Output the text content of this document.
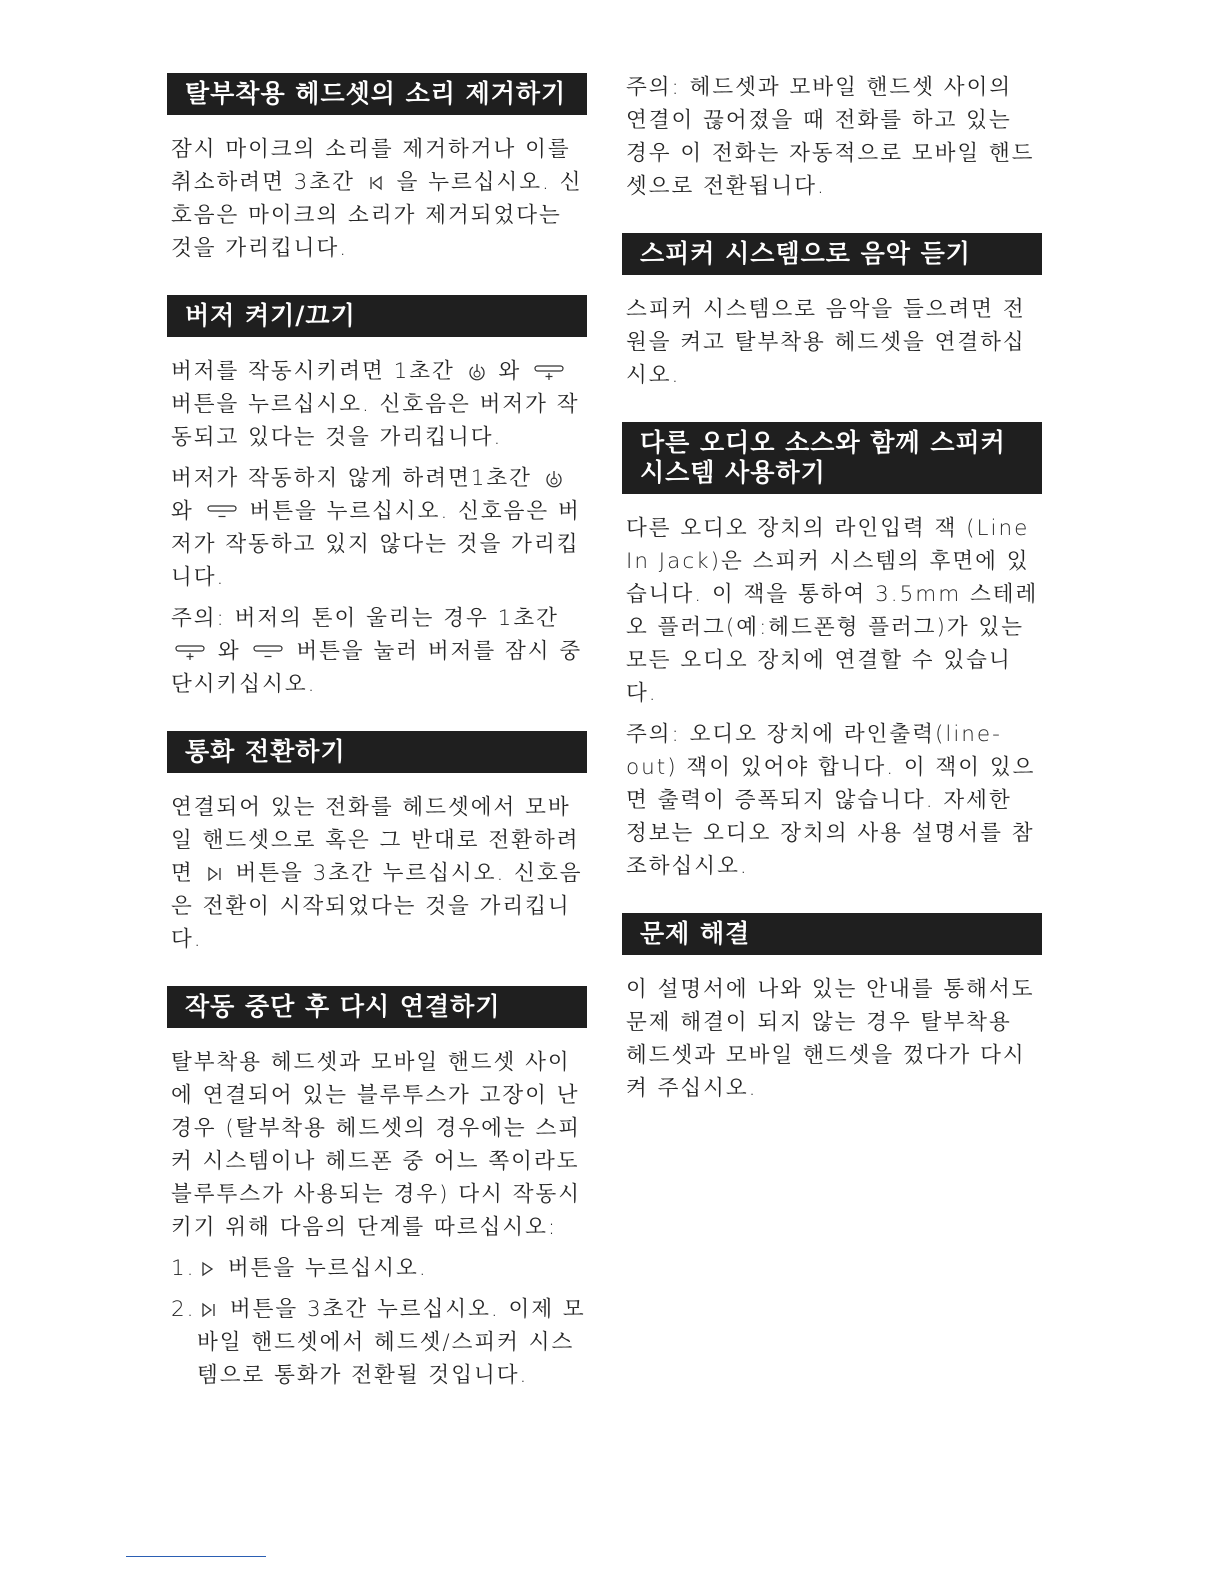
탈부착용 헤드셋의 소리 제거하기

잠시 마이크의 소리를 제거하거나 이를 취소하려면 3초간 을 누르십시오. 신호음은 마이크의 소리가 제거되었다는 것을 가리킵니다.

버저 켜기/끄기

버저를 작동시키려면 1초간 와
버튼을 누르십시오. 신호음은 버저가 작동되고 있다는 것을 가리킵니다.

버저가 작동하지 않게 하려면1초간
와	버튼을 누르십시오. 신호음은 버저가 작동하고 있지 않다는 것을 가리킵니다.

주의: 버저의 톤이 울리는 경우 1초간
와	버튼을 눌러 버저를 잠시 중단시키십시오.

통화 전환하기

연결되어 있는 전화를 헤드셋에서 모바일 핸드셋으로 혹은 그 반대로 전환하려면 버튼을 3초간 누르십시오. 신호음은 전환이 시작되었다는 것을 가리킵니다.

작동 중단 후 다시 연결하기

탈부착용 헤드셋과 모바일 핸드셋 사이에 연결되어 있는 블루투스가 고장이 난 경우 (탈부착용 헤드셋의 경우에는 스피커 시스템이나 헤드폰 중 어느 쪽이라도 블루투스가 사용되는 경우) 다시 작동시키기 위해 다음의 단계를 따르십시오:

1.	버튼을 누르십시오.
2.	버튼을 3초간 누르십시오. 이제 모바일 핸드셋에서 헤드셋/스피커 시스템으로 통화가 전환될 것입니다.

주의: 헤드셋과 모바일 핸드셋 사이의 연결이 끊어졌을 때 전화를 하고 있는 경우 이 전화는 자동적으로 모바일 핸드셋으로 전환됩니다.

스피커 시스템으로 음악 듣기

스피커 시스템으로 음악을 들으려면 전원을 켜고 탈부착용 헤드셋을 연결하십시오.

다른 오디오 소스와 함께 스피커 시스템 사용하기

다른 오디오 장치의 라인입력 잭 (Line In Jack)은 스피커 시스템의 후면에 있습니다. 이 잭을 통하여 3.5mm 스테레오 플러그(예:헤드폰형 플러그)가 있는 모든 오디오 장치에 연결할 수 있습니다.

주의: 오디오 장치에 라인출력(line-out) 잭이 있어야 합니다. 이 잭이 있으면 출력이 증폭되지 않습니다. 자세한 정보는 오디오 장치의 사용 설명서를 참조하십시오.

문제 해결

이 설명서에 나와 있는 안내를 통해서도 문제 해결이 되지 않는 경우 탈부착용 헤드셋과 모바일 핸드셋을 껐다가 다시 켜 주십시오.
